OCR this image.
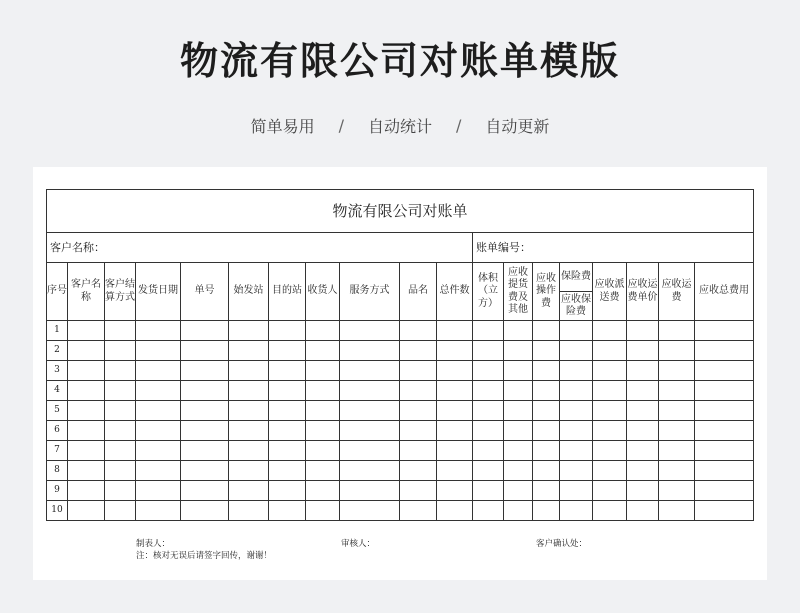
物流有限公司对账单模版
简单易用 / 自动统计 / 自动更新
物流有限公司对账单																		
客户名称：											账单编号：							
序号	客户名称	客户结算方式	发货日期	单号	始发站	目的站	收货人	服务方式	品名	总件数	体积（立方）	应收提货费及其他	应收操作费	保险费	应收派送费	应收运费单价	应收运费	应收总费用
														应收保险费				
1																		
2																		
3																		
4																		
5																		
6																		
7																		
8																		
9																		
10																		
制表人：	审核人：	客户确认处：
注：核对无误后请签字回传，谢谢！
